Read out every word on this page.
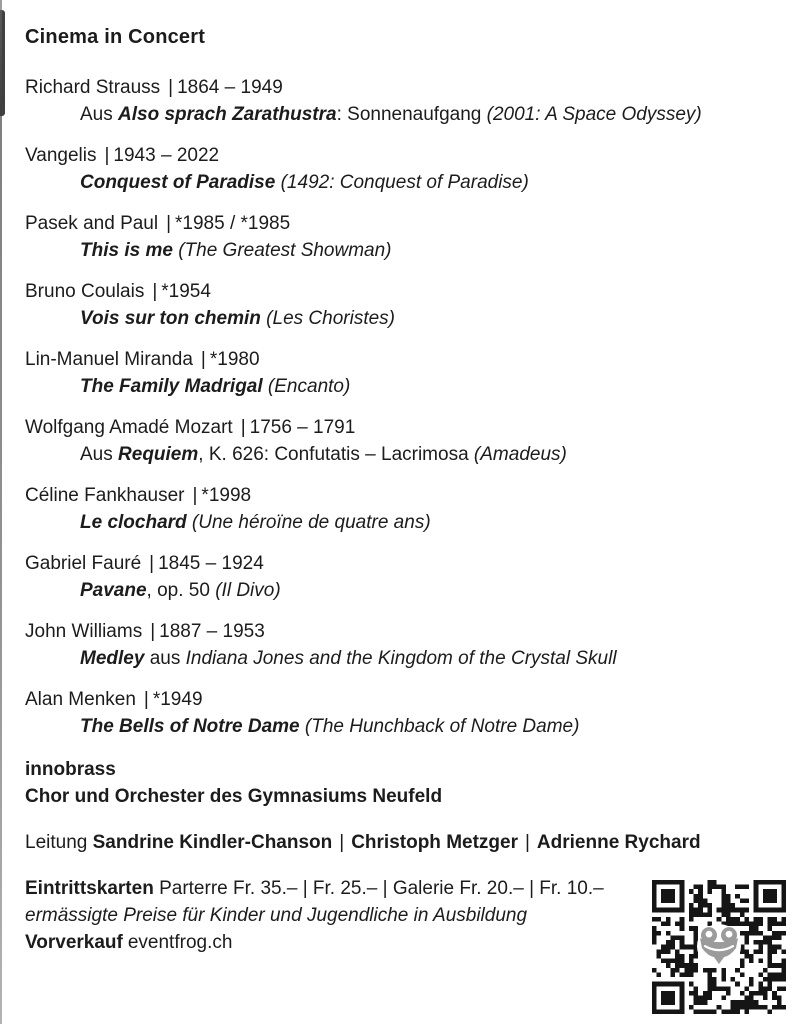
Cinema in Concert
Richard Strauss | 1864 – 1949
Aus Also sprach Zarathustra: Sonnenaufgang (2001: A Space Odyssey)
Vangelis | 1943 – 2022
Conquest of Paradise (1492: Conquest of Paradise)
Pasek and Paul | *1985 / *1985
This is me (The Greatest Showman)
Bruno Coulais | *1954
Vois sur ton chemin (Les Choristes)
Lin-Manuel Miranda | *1980
The Family Madrigal (Encanto)
Wolfgang Amadé Mozart | 1756 – 1791
Aus Requiem, K. 626: Confutatis – Lacrimosa (Amadeus)
Céline Fankhauser | *1998
Le clochard (Une héroïne de quatre ans)
Gabriel Fauré | 1845 – 1924
Pavane, op. 50 (Il Divo)
John Williams | 1887 – 1953
Medley aus Indiana Jones and the Kingdom of the Crystal Skull
Alan Menken | *1949
The Bells of Notre Dame (The Hunchback of Notre Dame)
innobrass
Chor und Orchester des Gymnasiums Neufeld
Leitung Sandrine Kindler-Chanson | Christoph Metzger | Adrienne Rychard
Eintrittskarten Parterre Fr. 35.– | Fr. 25.– | Galerie Fr. 20.– | Fr. 10.–
ermässigte Preise für Kinder und Jugendliche in Ausbildung
Vorverkauf eventfrog.ch
